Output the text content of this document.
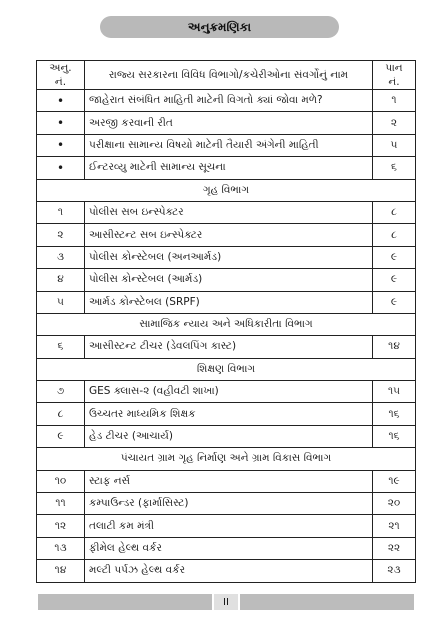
અનુક્રમણિકા
અનુ.
નં.	રાજ્ય સરકારના વિવિધ વિભાગો/કચેરીઓના સંવર્ગોનું નામ	પાન
નં.
•	જાહેરાત સંબંધિત માહિતી માટેની વિગતો ક્યાં જોવા મળે?	૧
•	અરજી કરવાની રીત	૨
•	પરીક્ષાના સામાન્ય વિષયો માટેની તૈયારી અંગેની માહિતી	૫
•	ઈન્ટરવ્યુ માટેની સામાન્ય સૂચના	૬
ગૃહ વિભાગ		
૧	પોલીસ સબ ઇન્સ્પેક્ટર	૮
૨	આસીસ્ટન્ટ સબ ઇન્સ્પેક્ટર	૮
૩	પોલીસ કોન્સ્ટેબલ (અનઆર્મડ)	૯
૪	પોલીસ કોન્સ્ટેબલ (આર્મડ)	૯
૫	આર્મડ કોન્સ્ટેબલ (SRPF)	૯
સામાજિક ન્યાય અને અધિકારીતા વિભાગ		
૬	આસીસ્ટન્ટ ટીચર (ડેવલપિંગ કાસ્ટ)	૧૪
શિક્ષણ વિભાગ		
૭	GES ક્લાસ-૨ (વહીવટી શાખા)	૧૫
૮	ઉચ્ચતર માધ્યમિક શિક્ષક	૧૬
૯	હેડ ટીચર (આચાર્ય)	૧૬
પંચાયત ગ્રામ ગૃહ નિર્માણ અને ગ્રામ વિકાસ વિભાગ		
૧૦	સ્ટાફ નર્સ	૧૯
૧૧	કમ્પાઉન્ડર (ફાર્માસિસ્ટ)	૨૦
૧૨	તલાટી કમ મંત્રી	૨૧
૧૩	ફીમેલ હેલ્થ વર્કર	૨૨
૧૪	મલ્ટી પર્પઝ હેલ્થ વર્કર	૨૩
II
